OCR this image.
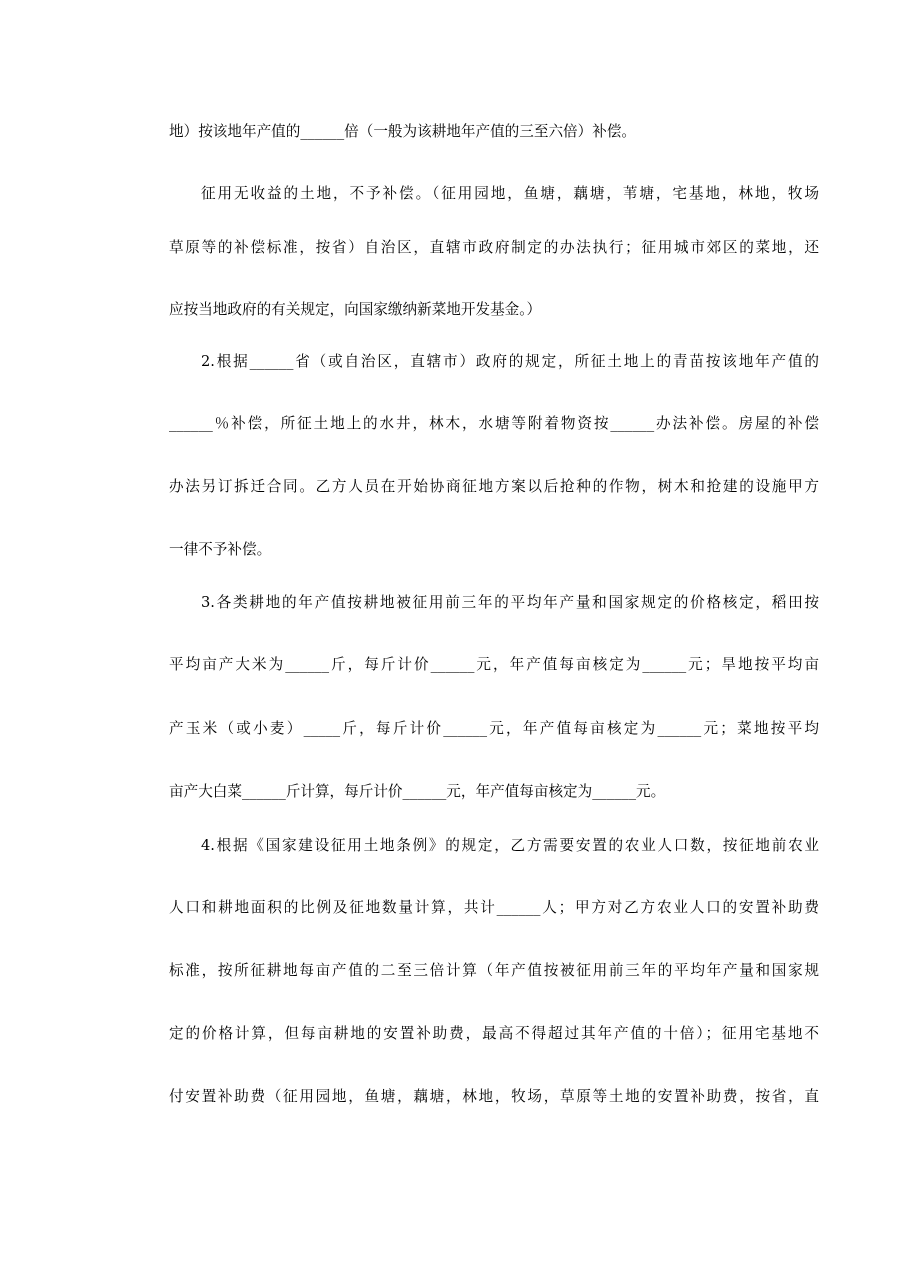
地）按该地年产值的______倍（一般为该耕地年产值的三至六倍）补偿。
征用无收益的土地，不予补偿。（征用园地，鱼塘，藕塘，苇塘，宅基地，林地，牧场
草原等的补偿标准，按省）自治区，直辖市政府制定的办法执行；征用城市郊区的菜地，还
应按当地政府的有关规定，向国家缴纳新菜地开发基金。）
2.根据______省（或自治区，直辖市）政府的规定，所征土地上的青苗按该地年产值的
______％补偿，所征土地上的水井，林木，水塘等附着物资按______办法补偿。房屋的补偿
办法另订拆迁合同。乙方人员在开始协商征地方案以后抢种的作物，树木和抢建的设施甲方
一律不予补偿。
3.各类耕地的年产值按耕地被征用前三年的平均年产量和国家规定的价格核定，稻田按
平均亩产大米为______斤，每斤计价______元，年产值每亩核定为______元；旱地按平均亩
产玉米（或小麦）_____斤，每斤计价______元，年产值每亩核定为______元；菜地按平均
亩产大白菜______斤计算，每斤计价______元，年产值每亩核定为______元。
4.根据《国家建设征用土地条例》的规定，乙方需要安置的农业人口数，按征地前农业
人口和耕地面积的比例及征地数量计算，共计______人；甲方对乙方农业人口的安置补助费
标准，按所征耕地每亩产值的二至三倍计算（年产值按被征用前三年的平均年产量和国家规
定的价格计算，但每亩耕地的安置补助费，最高不得超过其年产值的十倍）；征用宅基地不
付安置补助费（征用园地，鱼塘，藕塘，林地，牧场，草原等土地的安置补助费，按省，直
